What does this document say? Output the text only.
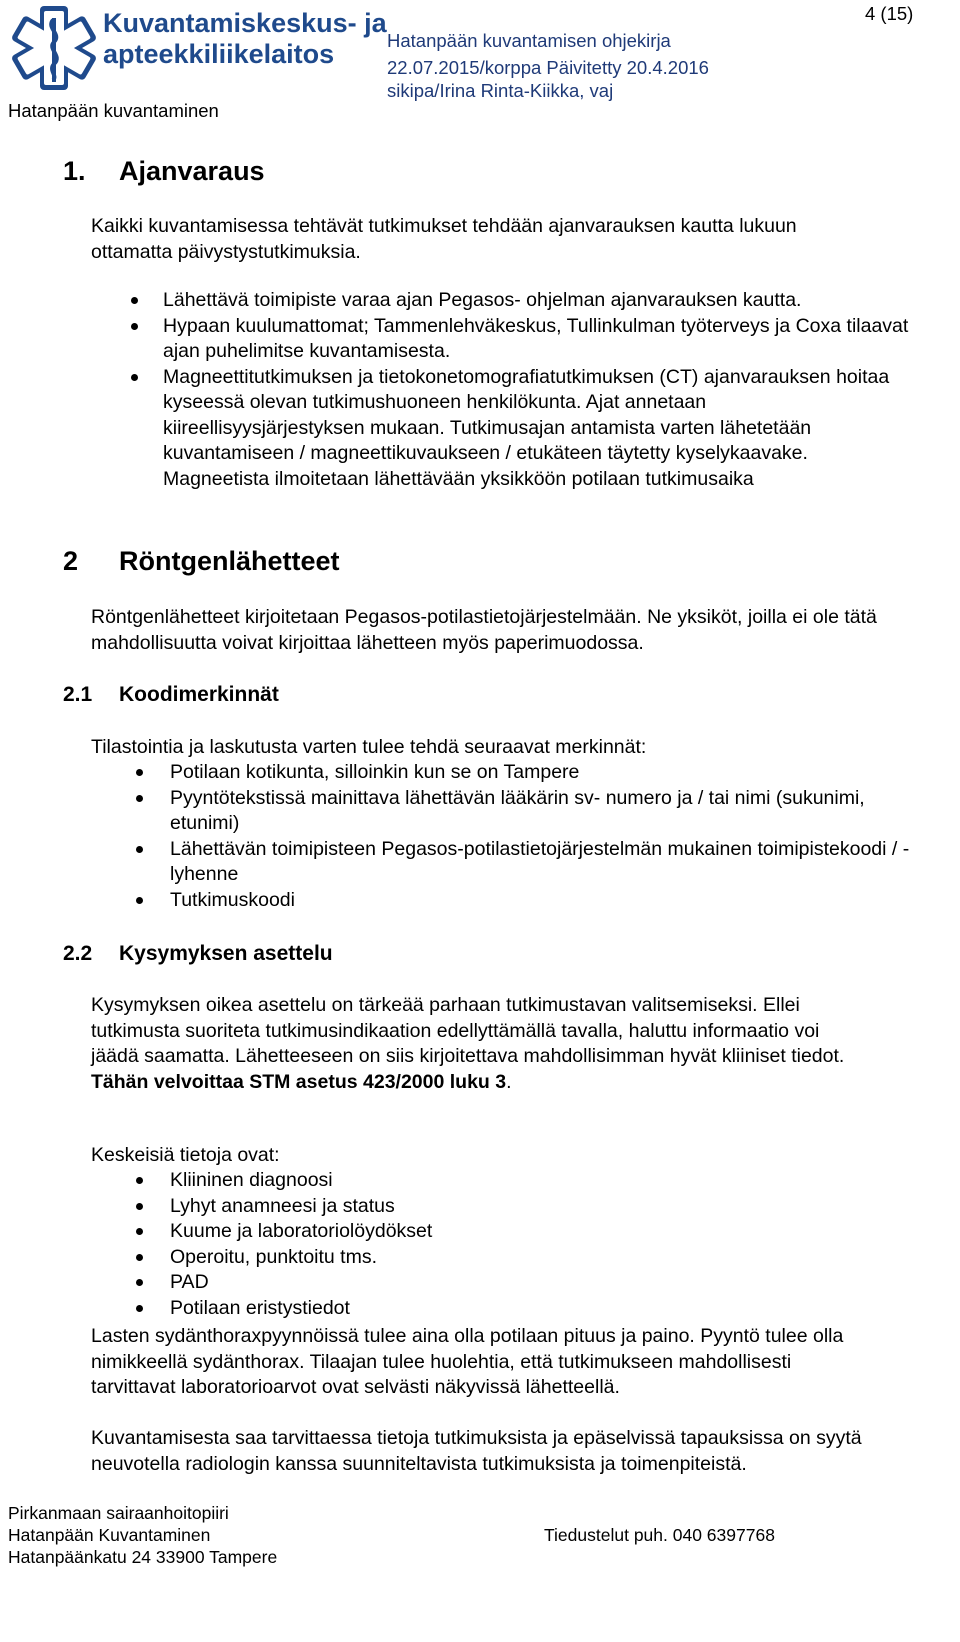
Kuvantamiskeskus- ja
apteekkiliikelaitos
Hatanpään kuvantaminen
Hatanpään kuvantamisen ohjekirja
22.07.2015/korppa Päivitetty 20.4.2016
sikipa/Irina Rinta-Kiikka, vaj
4 (15)
1. Ajanvaraus
Kaikki kuvantamisessa tehtävät tutkimukset tehdään ajanvarauksen kautta lukuun ottamatta päivystystutkimuksia.
Lähettävä toimipiste varaa ajan Pegasos- ohjelman ajanvarauksen kautta.
Hypaan kuulumattomat; Tammenlehväkeskus, Tullinkulman työterveys ja Coxa tilaavat ajan puhelimitse kuvantamisesta.
Magneettitutkimuksen ja tietokonetomografiatutkimuksen (CT) ajanvarauksen hoitaa kyseessä olevan tutkimushuoneen henkilökunta. Ajat annetaan kiireellisyysjärjestyksen mukaan. Tutkimusajan antamista varten lähetetään kuvantamiseen / magneettikuvaukseen / etukäteen täytetty kyselykaavake. Magneetista ilmoitetaan lähettävään yksikköön potilaan tutkimusaika
2 Röntgenlähetteet
Röntgenlähetteet kirjoitetaan Pegasos-potilastietojärjestelmään. Ne yksiköt, joilla ei ole tätä mahdollisuutta voivat kirjoittaa lähetteen myös paperimuodossa.
2.1 Koodimerkinnät
Tilastointia ja laskutusta varten tulee tehdä seuraavat merkinnät:
Potilaan kotikunta, silloinkin kun se on Tampere
Pyyntötekstissä mainittava lähettävän lääkärin sv- numero ja / tai nimi (sukunimi, etunimi)
Lähettävän toimipisteen Pegasos-potilastietojärjestelmän mukainen toimipistekoodi / -lyhenne
Tutkimuskoodi
2.2 Kysymyksen asettelu
Kysymyksen oikea asettelu on tärkeää parhaan tutkimustavan valitsemiseksi. Ellei tutkimusta suoriteta tutkimusindikaation edellyttämällä tavalla, haluttu informaatio voi jäädä saamatta. Lähetteeseen on siis kirjoitettava mahdollisimman hyvät kliiniset tiedot. Tähän velvoittaa STM asetus 423/2000 luku 3.
Keskeisiä tietoja ovat:
Kliininen diagnoosi
Lyhyt anamneesi ja status
Kuume ja laboratoriolöydökset
Operoitu, punktoitu tms.
PAD
Potilaan eristystiedot
Lasten sydänthoraxpyynnöissä tulee aina olla potilaan pituus ja paino. Pyyntö tulee olla nimikkeellä sydänthorax. Tilaajan tulee huolehtia, että tutkimukseen mahdollisesti tarvittavat laboratorioarvot ovat selvästi näkyvissä lähetteellä.
Kuvantamisesta saa tarvittaessa tietoja tutkimuksista ja epäselvissä tapauksissa on syytä neuvotella radiologin kanssa suunniteltavista tutkimuksista ja toimenpiteistä.
Pirkanmaan sairaanhoitopiiri
Hatanpään Kuvantaminen
Hatanpäänkatu 24 33900 Tampere
Tiedustelut puh. 040 6397768
